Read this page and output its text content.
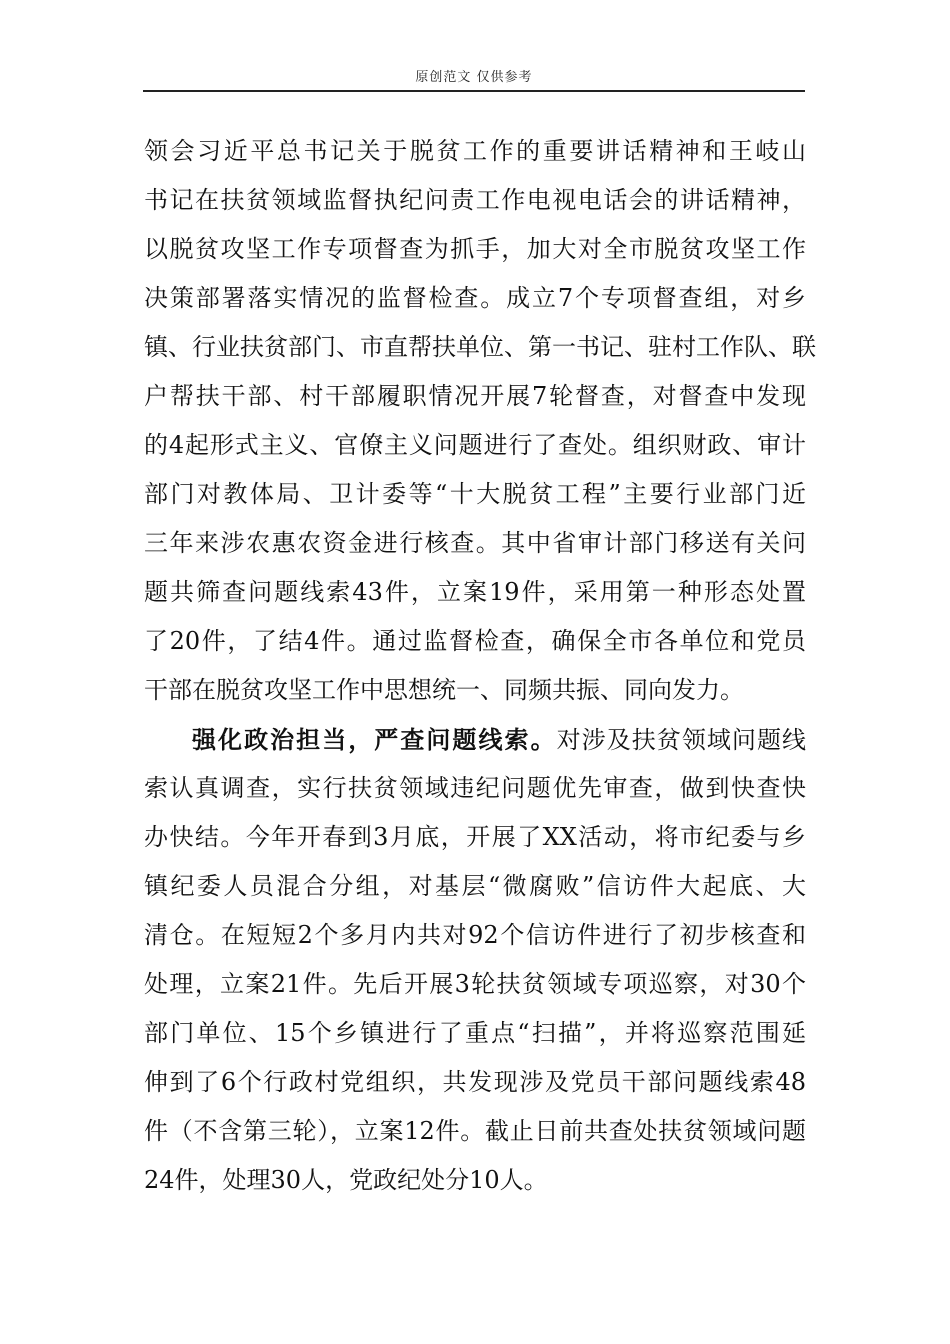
原创范文 仅供参考
领会习近平总书记关于脱贫工作的重要讲话精神和王岐山
书记在扶贫领域监督执纪问责工作电视电话会的讲话精神，
以脱贫攻坚工作专项督查为抓手，加大对全市脱贫攻坚工作
决策部署落实情况的监督检查。成立7个专项督查组，对乡
镇、行业扶贫部门、市直帮扶单位、第一书记、驻村工作队、联
户帮扶干部、村干部履职情况开展7轮督查，对督查中发现
的4起形式主义、官僚主义问题进行了查处。组织财政、审计
部门对教体局、卫计委等“十大脱贫工程”主要行业部门近
三年来涉农惠农资金进行核查。其中省审计部门移送有关问
题共筛查问题线索43件，立案19件，采用第一种形态处置
了20件，了结4件。通过监督检查，确保全市各单位和党员
干部在脱贫攻坚工作中思想统一、同频共振、同向发力。
强化政治担当，严查问题线索。对涉及扶贫领域问题线
索认真调查，实行扶贫领域违纪问题优先审查，做到快查快
办快结。今年开春到3月底，开展了XX活动，将市纪委与乡
镇纪委人员混合分组，对基层“微腐败”信访件大起底、大
清仓。在短短2个多月内共对92个信访件进行了初步核查和
处理，立案21件。先后开展3轮扶贫领域专项巡察，对30个
部门单位、15个乡镇进行了重点“扫描”，并将巡察范围延
伸到了6个行政村党组织，共发现涉及党员干部问题线索48
件（不含第三轮），立案12件。截止日前共查处扶贫领域问题
24件，处理30人，党政纪处分10人。
